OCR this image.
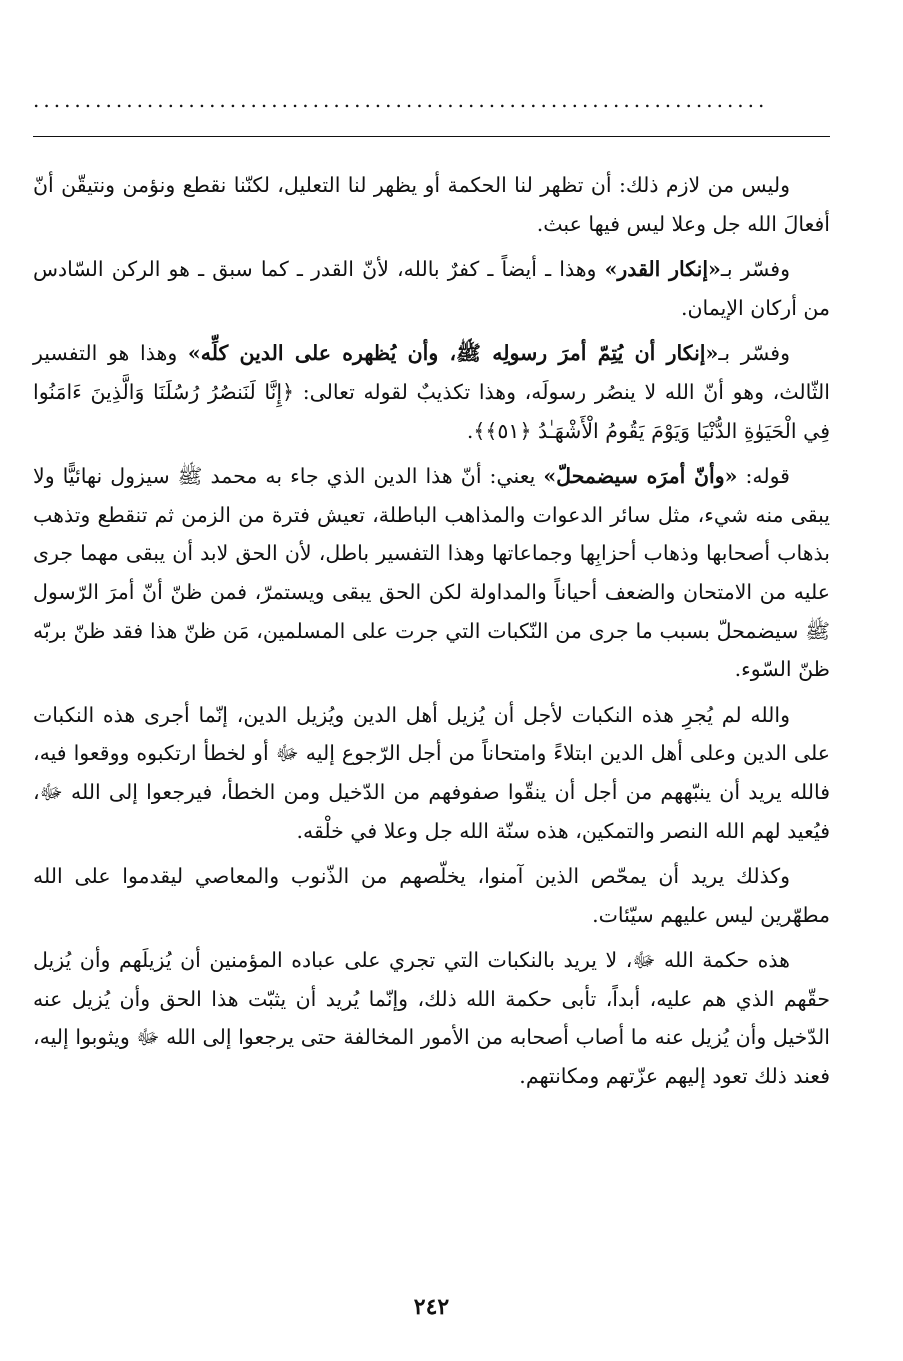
.......................................................................

وليس من لازم ذلك: أن تظهر لنا الحكمة أو يظهر لنا التعليل، لكنّنا نقطع ونؤمن ونتيقّن أنّ أفعالَ الله جل وعلا ليس فيها عبث.

وفسّر بـ«إنكار القدر» وهذا ـ أيضاً ـ كفرٌ بالله، لأنّ القدر ـ كما سبق ـ هو الركن السّادس من أركان الإيمان.

وفسّر بـ«إنكار أن يُتِمّ أمرَ رسولِه ﷺ، وأن يُظهره على الدين كلِّه» وهذا هو التفسير الثّالث، وهو أنّ الله لا ينصُر رسولَه، وهذا تكذيبٌ لقوله تعالى: ﴿إِنَّا لَنَنصُرُ رُسُلَنَا وَالَّذِينَ ءَامَنُوا فِي الْحَيَوٰةِ الدُّنْيَا وَيَوْمَ يَقُومُ الْأَشْهَـٰدُ ﴿٥١﴾﴾.

قوله: «وأنّ أمرَه سيضمحلّ» يعني: أنّ هذا الدين الذي جاء به محمد ﷺ سيزول نهائيًّا ولا يبقى منه شيء، مثل سائر الدعوات والمذاهب الباطلة، تعيش فترة من الزمن ثم تنقطع وتذهب بذهاب أصحابها وذهاب أحزابِها وجماعاتها وهذا التفسير باطل، لأن الحق لابد أن يبقى مهما جرى عليه من الامتحان والضعف أحياناً والمداولة لكن الحق يبقى ويستمرّ، فمن ظنّ أنّ أمرَ الرّسول ﷺ سيضمحلّ بسبب ما جرى من النّكبات التي جرت على المسلمين، مَن ظنّ هذا فقد ظنّ بربّه ظنّ السّوء.

والله لم يُجرِ هذه النكبات لأجل أن يُزيل أهل الدين ويُزيل الدين، إنّما أجرى هذه النكبات على الدين وعلى أهل الدين ابتلاءً وامتحاناً من أجل الرّجوع إليه ﷻ أو لخطأ ارتكبوه ووقعوا فيه، فالله يريد أن ينبّههم من أجل أن ينقّوا صفوفهم من الدّخيل ومن الخطأ، فيرجعوا إلى الله ﷻ، فيُعيد لهم الله النصر والتمكين، هذه سنّة الله جل وعلا في خلْقه.

وكذلك يريد أن يمحّص الذين آمنوا، يخلّصهم من الذّنوب والمعاصي ليقدموا على الله مطهّرين ليس عليهم سيّئات.

هذه حكمة الله ﷻ، لا يريد بالنكبات التي تجري على عباده المؤمنين أن يُزيلَهم وأن يُزيل حقّهم الذي هم عليه، أبداً، تأبى حكمة الله ذلك، وإنّما يُريد أن يثبّت هذا الحق وأن يُزيل عنه الدّخيل وأن يُزيل عنه ما أصاب أصحابه من الأمور المخالفة حتى يرجعوا إلى الله ﷻ ويثوبوا إليه، فعند ذلك تعود إليهم عزّتهم ومكانتهم.

٢٤٢
